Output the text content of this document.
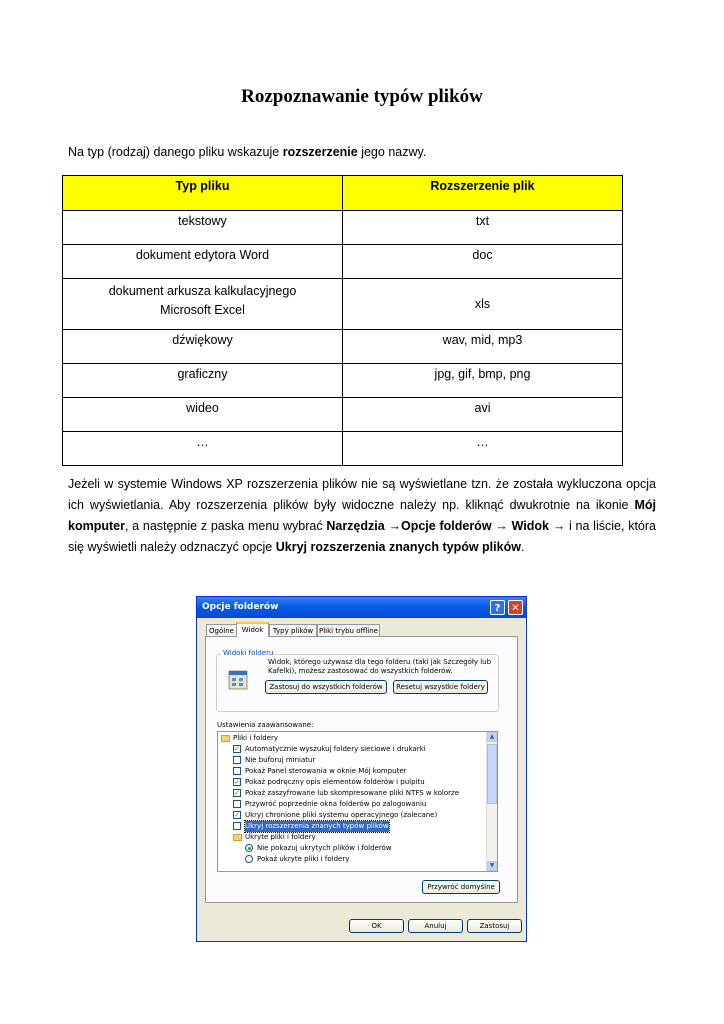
Rozpoznawanie typów plików
Na typ (rodzaj) danego pliku wskazuje rozszerzenie jego nazwy.
Typ pliku	Rozszerzenie plik
tekstowy	txt
dokument edytora Word	doc
dokument arkusza kalkulacyjnego
Microsoft Excel	xls
dźwiękowy	wav, mid, mp3
graficzny	jpg, gif, bmp, png
wideo	avi
…	…
Jeżeli w systemie Windows XP rozszerzenia plików nie są wyświetlane tzn. że została wykluczona opcja ich wyświetlania. Aby rozszerzenia plików były widoczne należy np. kliknąć dwukrotnie na ikonie Mój komputer, a następnie z paska menu wybrać Narzędzia →Opcje folderów → Widok → i na liście, która się wyświetli należy odznaczyć opcje Ukryj rozszerzenia znanych typów plików.
Opcje folderów	?	✕
Ogólne	Widok	Typy plików Pliki trybu offline
Widoki folderu
Widok, którego używasz dla tego folderu (taki jak Szczegóły lub Kafelki), możesz zastosować do wszystkich folderów.
Zastosuj do wszystkich folderów	Resetuj wszystkie foldery
Ustawienia zaawansowane:
Pliki i foldery
✓ Automatycznie wyszukuj foldery sieciowe i drukarki
Nie buforuj miniatur
Pokaż Panel sterowania w oknie Mój komputer
✓ Pokaż podręczny opis elementów folderów i pulpitu
✓ Pokaż zaszyfrowane lub skompresowane pliki NTFS w kolorze
Przywróć poprzednie okna folderów po zalogowaniu
✓ Ukryj chronione pliki systemu operacyjnego (zalecane)
Ukryj rozszerzenia znanych typów plików
Ukryte pliki i foldery
Nie pokazuj ukrytych plików i folderów
Pokaż ukryte pliki i foldery
▲
▼
Przywróć domyślne
OK	Anuluj	Zastosuj
